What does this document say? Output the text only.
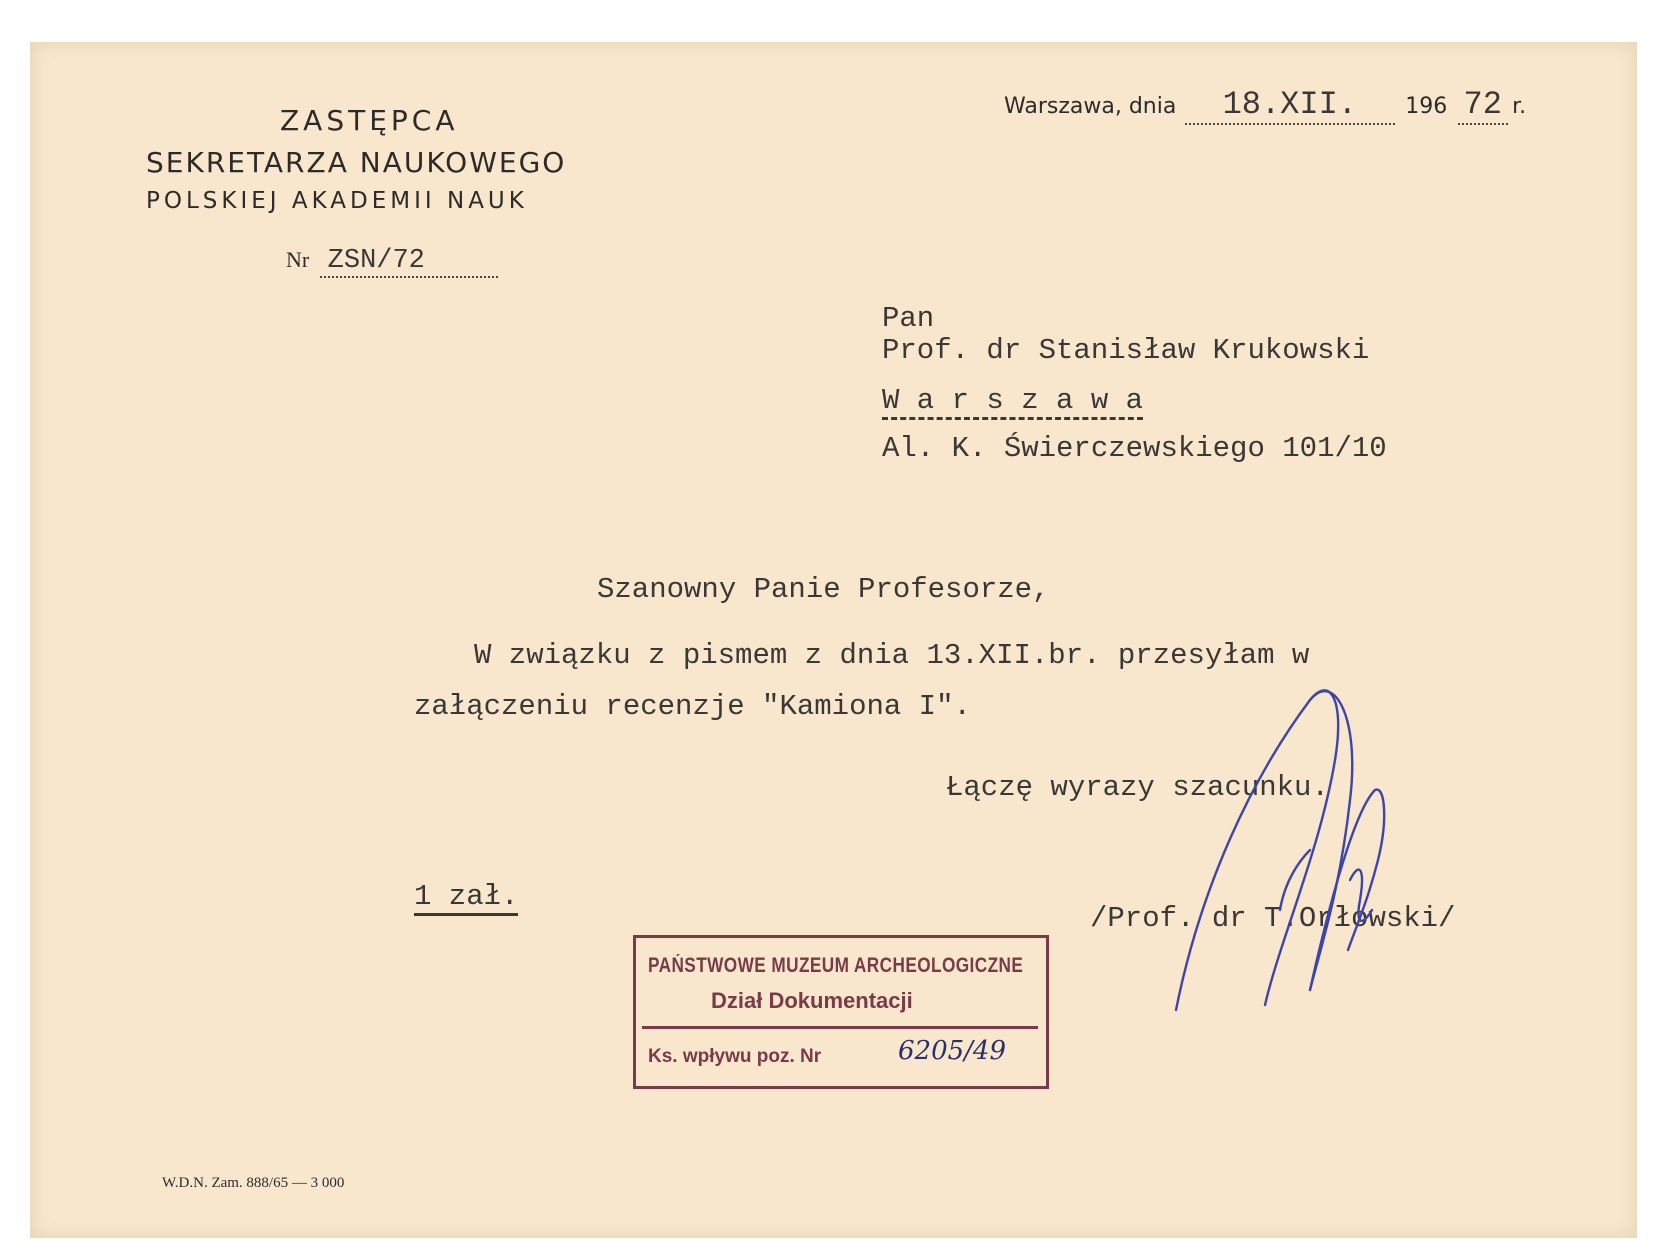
ZASTĘPCA
SEKRETARZA NAUKOWEGO
POLSKIEJ AKADEMII NAUK
Nr ZSN/72
Warszawa, dnia 18.XII. 196 72 r.
Pan
Prof. dr Stanisław Krukowski
W a r s z a w a
Al. K. Świerczewskiego 101/10
Szanowny Panie Profesorze,
W związku z pismem z dnia 13.XII.br. przesyłam w
załączeniu recenzje "Kamiona I".
Łączę wyrazy szacunku.
1 zał.
/Prof. dr T.Orłowski/
PAŃSTWOWE MUZEUM ARCHEOLOGICZNE
Dział Dokumentacji
Ks. wpływu poz. Nr	6205/49
W.D.N. Zam. 888/65 — 3 000
